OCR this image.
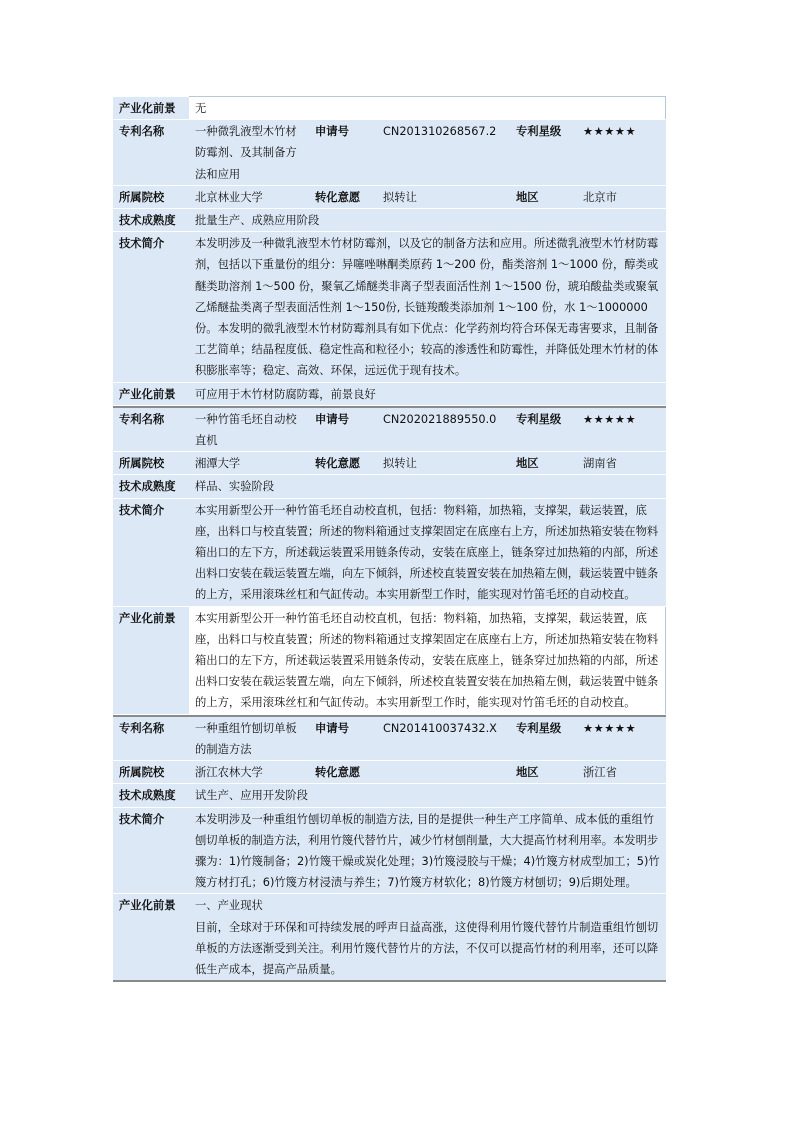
产业化前景	无
专利名称	一种微乳液型木竹材防霉剂、及其制备方法和应用	申请号	CN201310268567.2	专利星级	★★★★★
所属院校	北京林业大学	转化意愿	拟转让	地区	北京市
技术成熟度	批量生产、成熟应用阶段				
技术简介	本发明涉及一种微乳液型木竹材防霉剂，以及它的制备方法和应用。所述微乳液型木竹材防霉剂，包括以下重量份的组分：异噻唑啉酮类原药 1～200 份，酯类溶剂 1～1000 份，醇类或醚类助溶剂 1～500 份，聚氧乙烯醚类非离子型表面活性剂 1～1500 份，琥珀酸盐类或聚氧乙烯醚盐类离子型表面活性剂 1～150份, 长链羧酸类添加剂 1～100 份，水 1～1000000 份。本发明的微乳液型木竹材防霉剂具有如下优点：化学药剂均符合环保无毒害要求，且制备工艺简单；结晶程度低、稳定性高和粒径小；较高的渗透性和防霉性，并降低处理木竹材的体积膨胀率等；稳定、高效、环保，远远优于现有技术。				
产业化前景	可应用于木竹材防腐防霉，前景良好				
专利名称	一种竹笛毛坯自动校直机	申请号	CN202021889550.0	专利星级	★★★★★
所属院校	湘潭大学	转化意愿	拟转让	地区	湖南省
技术成熟度	样品、实验阶段				
技术简介	本实用新型公开一种竹笛毛坯自动校直机，包括：物料箱，加热箱，支撑架，载运装置，底座，出料口与校直装置；所述的物料箱通过支撑架固定在底座右上方，所述加热箱安装在物料箱出口的左下方，所述载运装置采用链条传动，安装在底座上，链条穿过加热箱的内部，所述出料口安装在载运装置左端，向左下倾斜，所述校直装置安装在加热箱左侧，载运装置中链条的上方，采用滚珠丝杠和气缸传动。本实用新型工作时，能实现对竹笛毛坯的自动校直。				
产业化前景	本实用新型公开一种竹笛毛坯自动校直机，包括：物料箱，加热箱，支撑架，载运装置，底座，出料口与校直装置；所述的物料箱通过支撑架固定在底座右上方，所述加热箱安装在物料箱出口的左下方，所述载运装置采用链条传动，安装在底座上，链条穿过加热箱的内部，所述出料口安装在载运装置左端，向左下倾斜，所述校直装置安装在加热箱左侧，载运装置中链条的上方，采用滚珠丝杠和气缸传动。本实用新型工作时，能实现对竹笛毛坯的自动校直。				
专利名称	一种重组竹刨切单板的制造方法	申请号	CN201410037432.X	专利星级	★★★★★
所属院校	浙江农林大学	转化意愿		地区	浙江省
技术成熟度	试生产、应用开发阶段				
技术简介	本发明涉及一种重组竹刨切单板的制造方法, 目的是提供一种生产工序简单、成本低的重组竹刨切单板的制造方法，利用竹篾代替竹片，减少竹材刨削量，大大提高竹材利用率。本发明步骤为：1)竹篾制备；2)竹篾干燥或炭化处理；3)竹篾浸胶与干燥；4)竹篾方材成型加工；5)竹篾方材打孔；6)竹篾方材浸渍与养生；7)竹篾方材软化；8)竹篾方材刨切；9)后期处理。				
产业化前景	一、产业现状
目前，全球对于环保和可持续发展的呼声日益高涨，这使得利用竹篾代替竹片制造重组竹刨切单板的方法逐渐受到关注。利用竹篾代替竹片的方法，不仅可以提高竹材的利用率，还可以降低生产成本，提高产品质量。				
